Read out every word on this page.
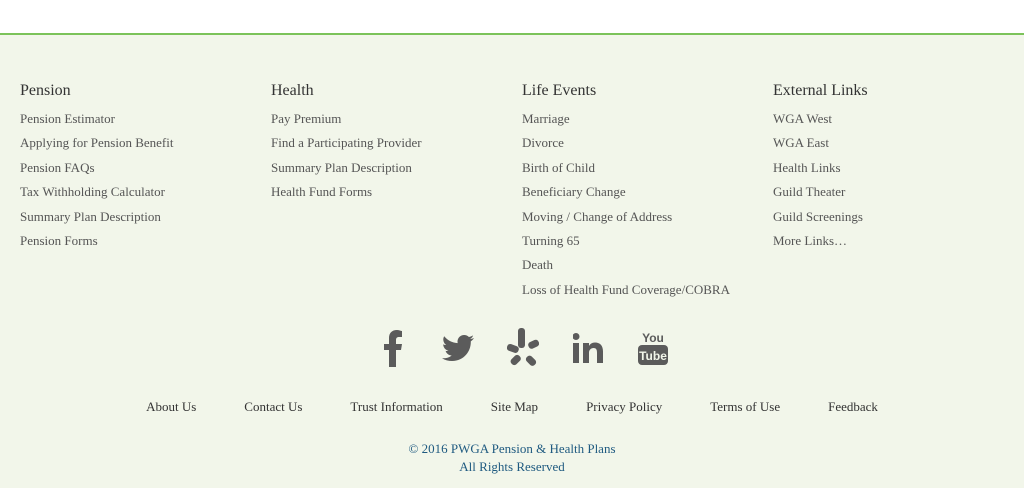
Pension
Pension Estimator
Applying for Pension Benefit
Pension FAQs
Tax Withholding Calculator
Summary Plan Description
Pension Forms
Health
Pay Premium
Find a Participating Provider
Summary Plan Description
Health Fund Forms
Life Events
Marriage
Divorce
Birth of Child
Beneficiary Change
Moving / Change of Address
Turning 65
Death
Loss of Health Fund Coverage/COBRA
External Links
WGA West
WGA East
Health Links
Guild Theater
Guild Screenings
More Links…
You
Tube
About Us	Contact Us	Trust Information	Site Map	Privacy Policy	Terms of Use	Feedback
© 2016 PWGA Pension & Health Plans
All Rights Reserved
